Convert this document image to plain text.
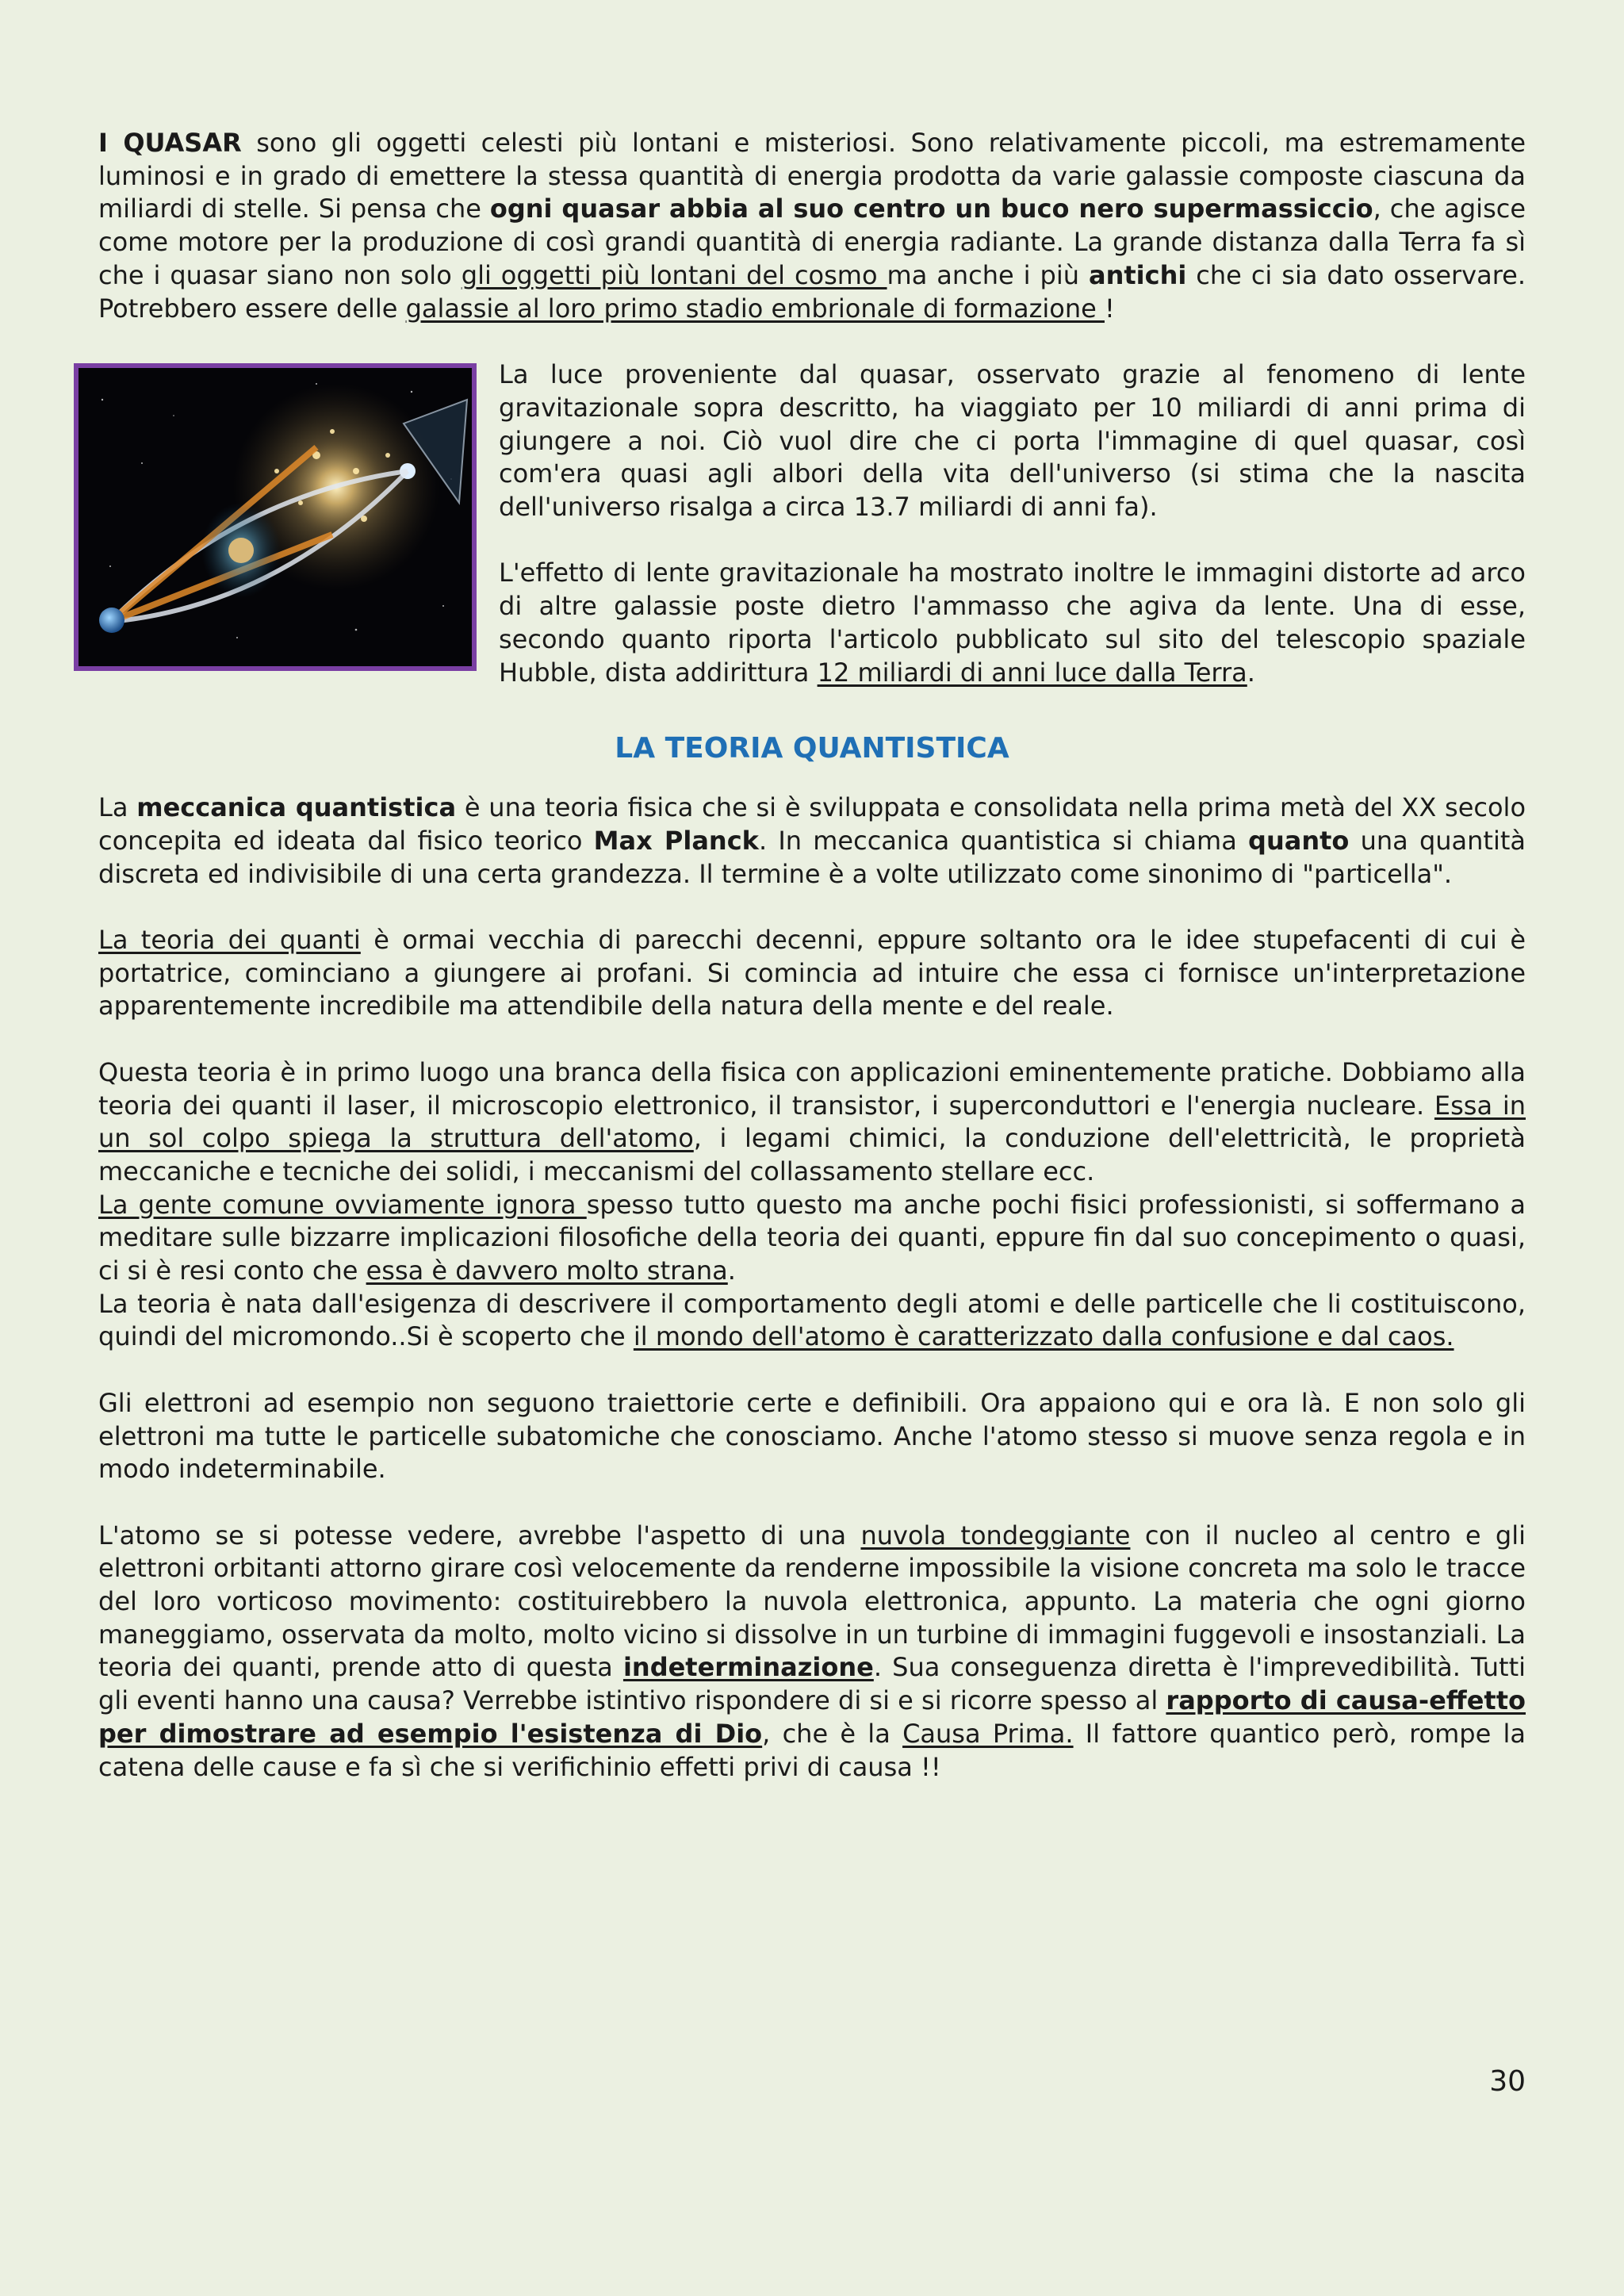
I QUASAR sono gli oggetti celesti più lontani e misteriosi. Sono relativamente piccoli, ma estremamente luminosi e in grado di emettere la stessa quantità di energia prodotta da varie galassie composte ciascuna da miliardi di stelle. Si pensa che ogni quasar abbia al suo centro un buco nero supermassiccio, che agisce come motore per la produzione di così grandi quantità di energia radiante. La grande distanza dalla Terra fa sì che i quasar siano non solo gli oggetti più lontani del cosmo ma anche i più antichi che ci sia dato osservare. Potrebbero essere delle galassie al loro primo stadio embrionale di formazione !

La luce proveniente dal quasar, osservato grazie al fenomeno di lente gravitazionale sopra descritto, ha viaggiato per 10 miliardi di anni prima di giungere a noi. Ciò vuol dire che ci porta l'immagine di quel quasar, così com'era quasi agli albori della vita dell'universo (si stima che la nascita dell'universo risalga a circa 13.7 miliardi di anni fa).

L'effetto di lente gravitazionale ha mostrato inoltre le immagini distorte ad arco di altre galassie poste dietro l'ammasso che agiva da lente. Una di esse, secondo quanto riporta l'articolo pubblicato sul sito del telescopio spaziale Hubble, dista addirittura 12 miliardi di anni luce dalla Terra.

LA TEORIA QUANTISTICA

La meccanica quantistica è una teoria fisica che si è sviluppata e consolidata nella prima metà del XX secolo concepita ed ideata dal fisico teorico Max Planck. In meccanica quantistica si chiama quanto una quantità discreta ed indivisibile di una certa grandezza. Il termine è a volte utilizzato come sinonimo di "particella".

La teoria dei quanti è ormai vecchia di parecchi decenni, eppure soltanto ora le idee stupefacenti di cui è portatrice, cominciano a giungere ai profani. Si comincia ad intuire che essa ci fornisce un'interpretazione apparentemente incredibile ma attendibile della natura della mente e del reale.

Questa teoria è in primo luogo una branca della fisica con applicazioni eminentemente pratiche. Dobbiamo alla teoria dei quanti il laser, il microscopio elettronico, il transistor, i superconduttori e l'energia nucleare. Essa in un sol colpo spiega la struttura dell'atomo, i legami chimici, la conduzione dell'elettricità, le proprietà meccaniche e tecniche dei solidi, i meccanismi del collassamento stellare ecc.

La gente comune ovviamente ignora spesso tutto questo ma anche pochi fisici professionisti, si soffermano a meditare sulle bizzarre implicazioni filosofiche della teoria dei quanti, eppure fin dal suo concepimento o quasi, ci si è resi conto che essa è davvero molto strana.

La teoria è nata dall'esigenza di descrivere il comportamento degli atomi e delle particelle che li costituiscono, quindi del micromondo..Si è scoperto che il mondo dell'atomo è caratterizzato dalla confusione e dal caos.

Gli elettroni ad esempio non seguono traiettorie certe e definibili. Ora appaiono qui e ora là. E non solo gli elettroni ma tutte le particelle subatomiche che conosciamo. Anche l'atomo stesso si muove senza regola e in modo indeterminabile.

L'atomo se si potesse vedere, avrebbe l'aspetto di una nuvola tondeggiante con il nucleo al centro e gli elettroni orbitanti attorno girare così velocemente da renderne impossibile la visione concreta ma solo le tracce del loro vorticoso movimento: costituirebbero la nuvola elettronica, appunto. La materia che ogni giorno maneggiamo, osservata da molto, molto vicino si dissolve in un turbine di immagini fuggevoli e insostanziali. La teoria dei quanti, prende atto di questa indeterminazione. Sua conseguenza diretta è l'imprevedibilità. Tutti gli eventi hanno una causa? Verrebbe istintivo rispondere di si e si ricorre spesso al rapporto di causa-effetto per dimostrare ad esempio l'esistenza di Dio, che è la Causa Prima. Il fattore quantico però, rompe la catena delle cause e fa sì che si verifichinio effetti privi di causa !!

30
